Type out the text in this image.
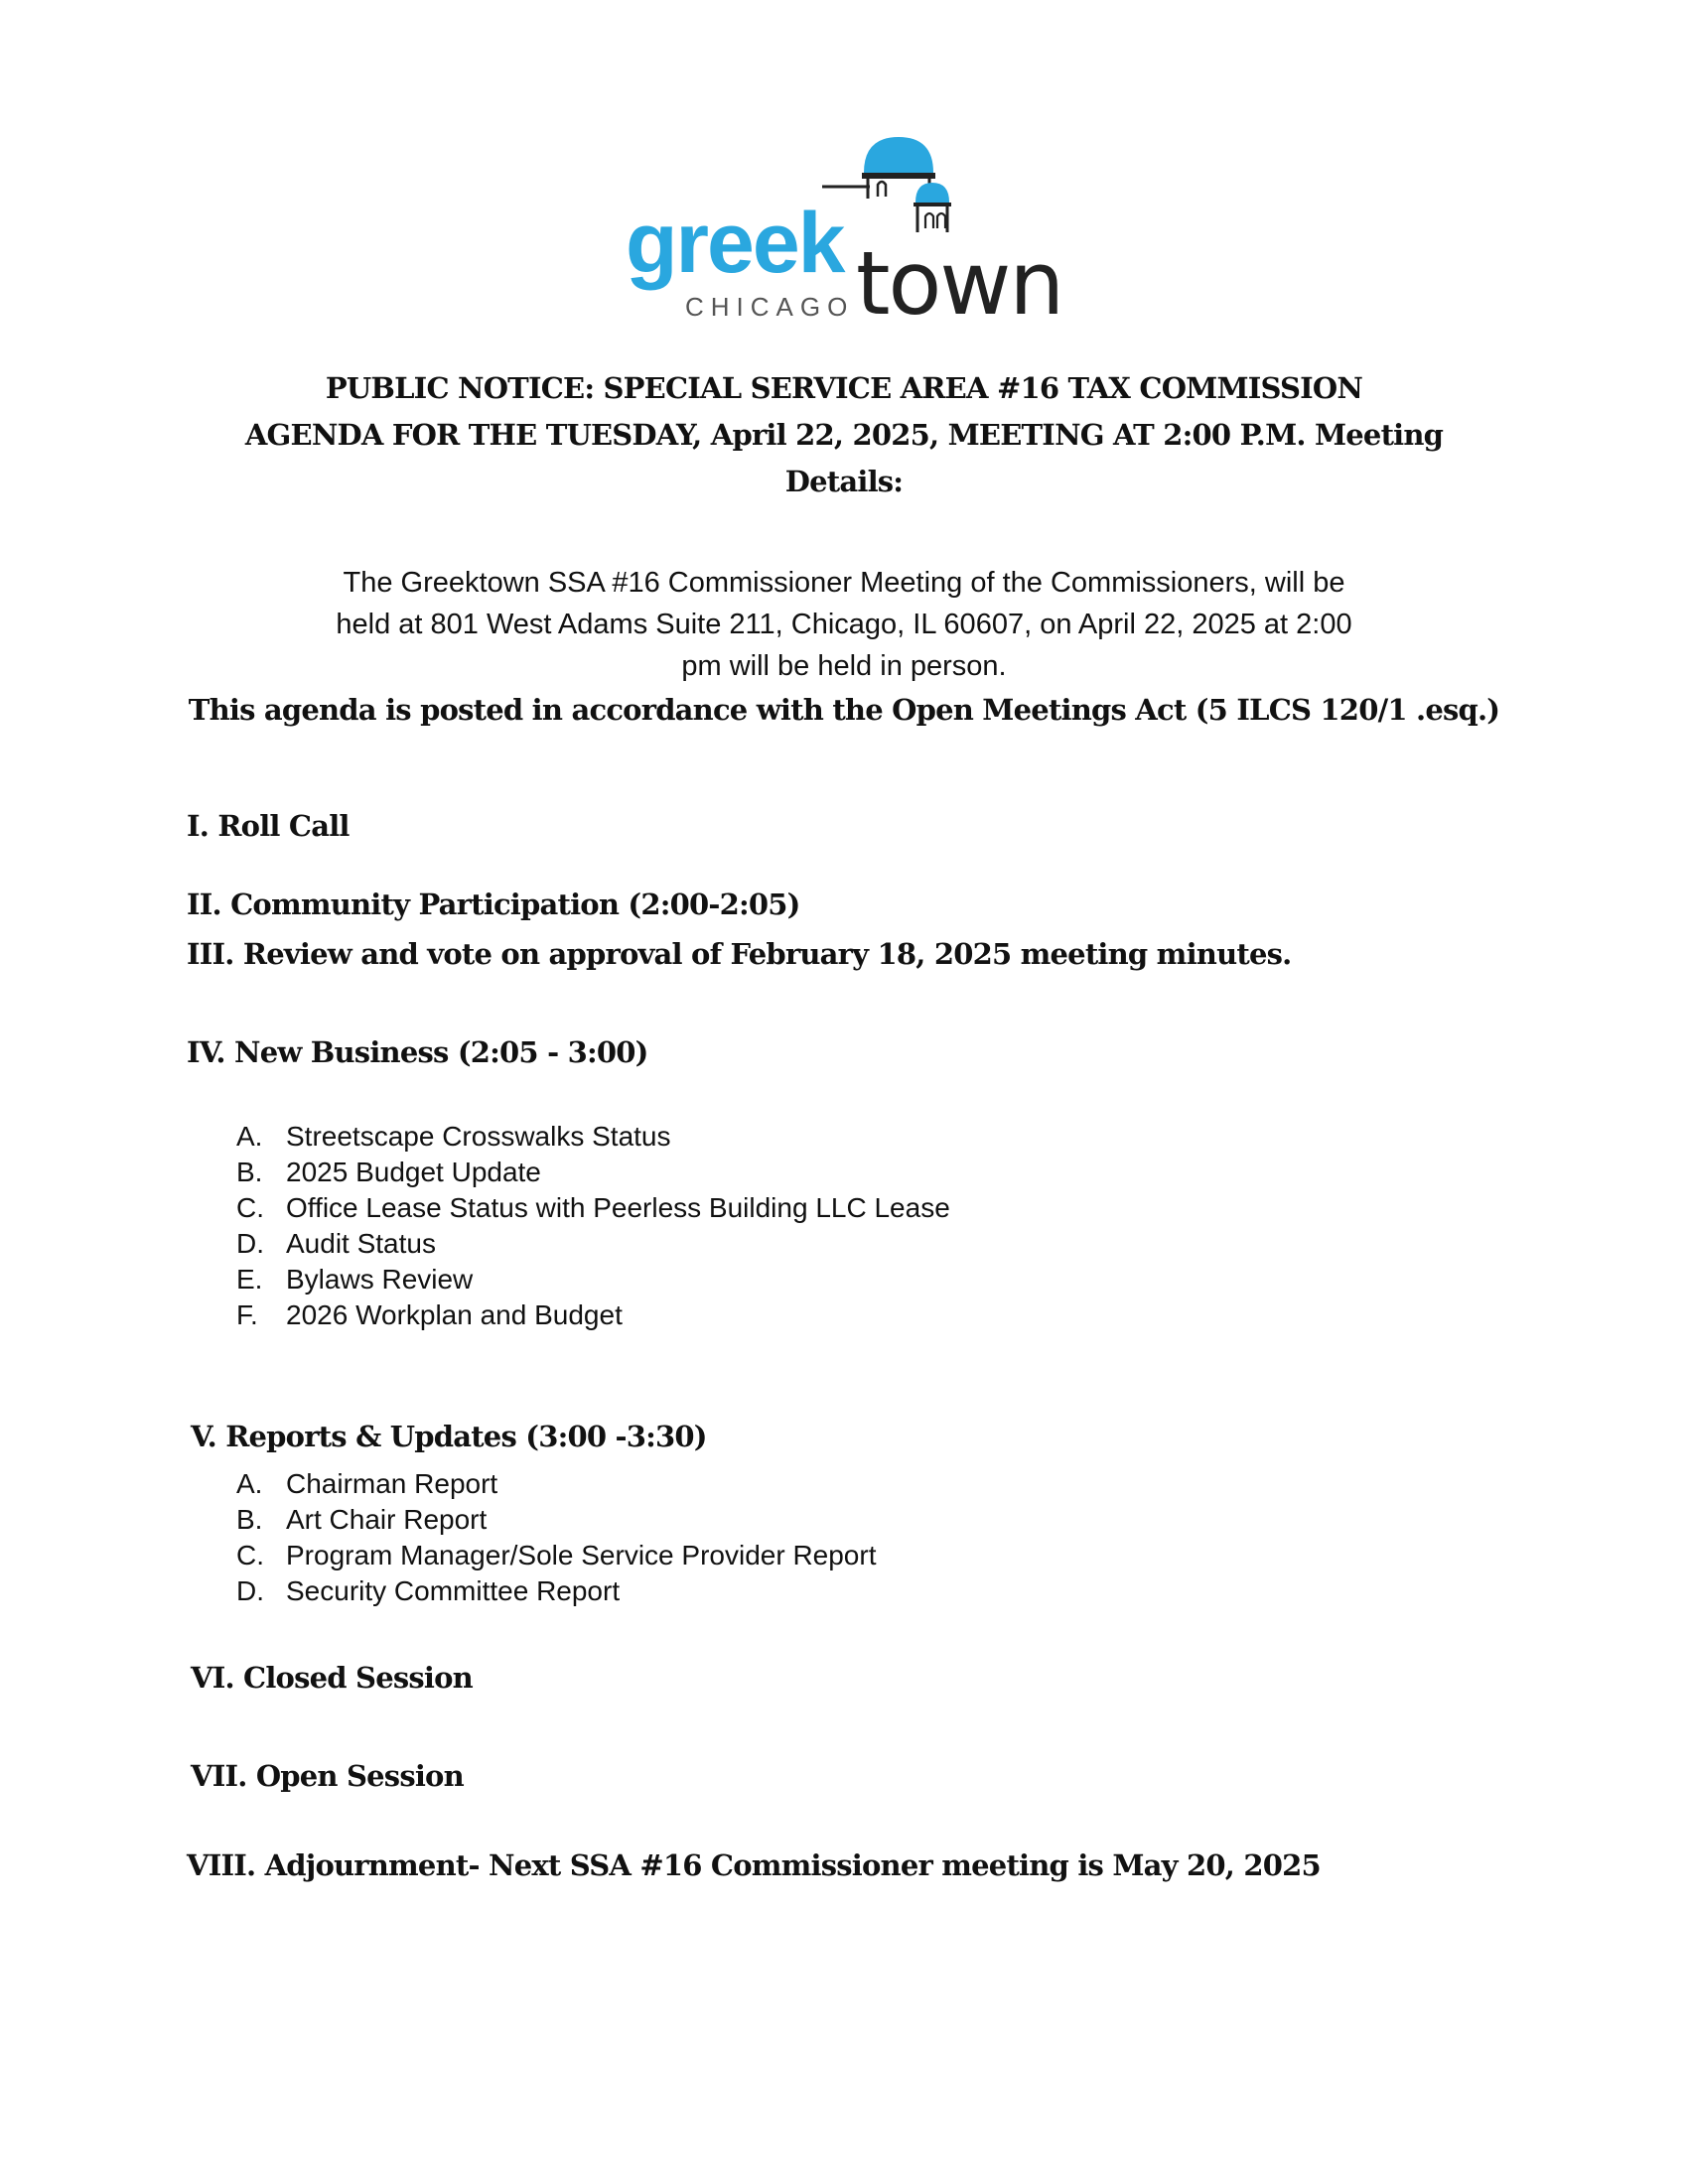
greek town
CHICAGO
PUBLIC NOTICE: SPECIAL SERVICE AREA #16 TAX COMMISSION
AGENDA FOR THE TUESDAY, April 22, 2025, MEETING AT 2:00 P.M. Meeting
Details:
The Greektown SSA #16 Commissioner Meeting of the Commissioners, will be
held at 801 West Adams Suite 211, Chicago, IL 60607, on April 22, 2025 at 2:00
pm will be held in person.
This agenda is posted in accordance with the Open Meetings Act (5 ILCS 120/1 .esq.)
I. Roll Call
II. Community Participation (2:00-2:05)
III. Review and vote on approval of February 18, 2025 meeting minutes.
IV. New Business (2:05 - 3:00)
A. Streetscape Crosswalks Status
B. 2025 Budget Update
C. Office Lease Status with Peerless Building LLC Lease
D. Audit Status
E. Bylaws Review
F. 2026 Workplan and Budget
V. Reports & Updates (3:00 -3:30)
A. Chairman Report
B. Art Chair Report
C. Program Manager/Sole Service Provider Report
D. Security Committee Report
VI. Closed Session
VII. Open Session
VIII. Adjournment- Next SSA #16 Commissioner meeting is May 20, 2025
